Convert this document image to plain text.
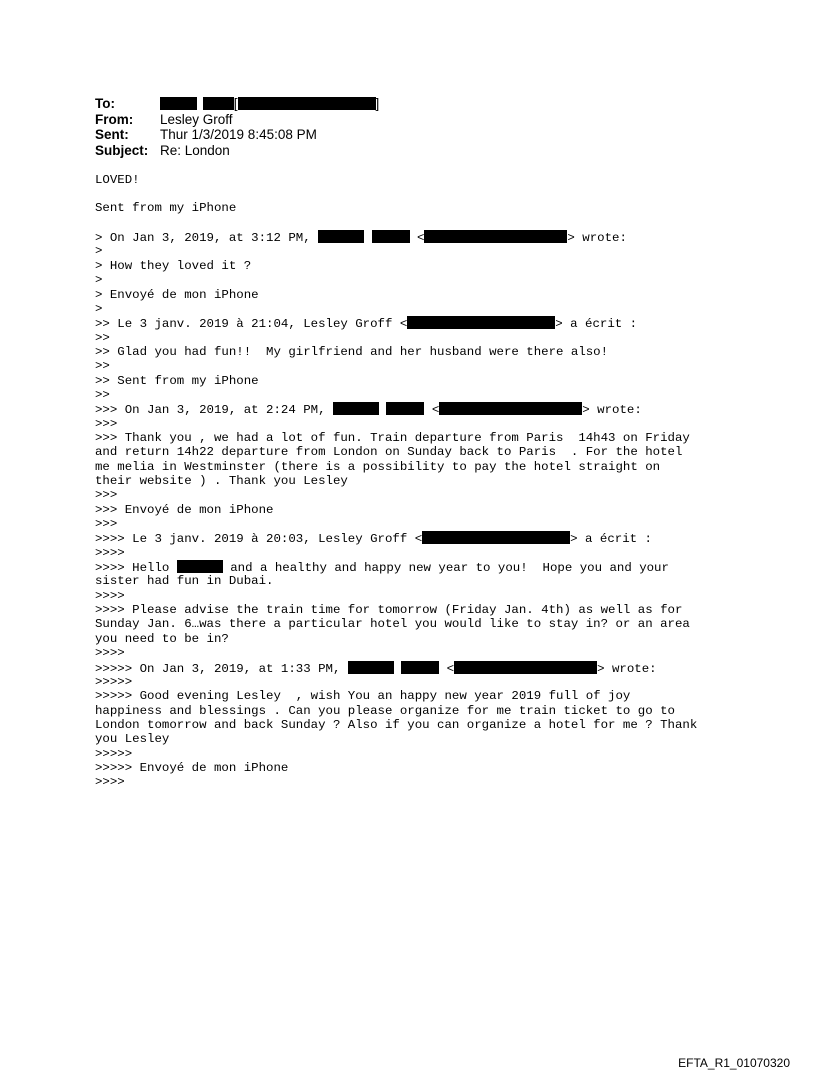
To:	[	]
From: Lesley Groff
Sent: Thur 1/3/2019 8:45:08 PM
Subject: Re: London
LOVED!
Sent from my iPhone
> On Jan 3, 2019, at 3:12 PM,	<	> wrote:
>
> How they loved it ?
>
> Envoyé de mon iPhone
>
>> Le 3 janv. 2019 à 21:04, Lesley Groff <	> a écrit :
>>
>> Glad you had fun!!  My girlfriend and her husband were there also!
>>
>> Sent from my iPhone
>>
>>> On Jan 3, 2019, at 2:24 PM,	<	> wrote:
>>>
>>> Thank you , we had a lot of fun. Train departure from Paris  14h43 on Friday
and return 14h22 departure from London on Sunday back to Paris  . For the hotel
me melia in Westminster (there is a possibility to pay the hotel straight on
their website ) . Thank you Lesley
>>>
>>> Envoyé de mon iPhone
>>>
>>>> Le 3 janv. 2019 à 20:03, Lesley Groff <	> a écrit :
>>>>
>>>> Hello	and a healthy and happy new year to you!  Hope you and your
sister had fun in Dubai.
>>>>
>>>> Please advise the train time for tomorrow (Friday Jan. 4th) as well as for
Sunday Jan. 6…was there a particular hotel you would like to stay in? or an area
you need to be in?
>>>>
>>>>> On Jan 3, 2019, at 1:33 PM,	<	> wrote:
>>>>>
>>>>> Good evening Lesley  , wish You an happy new year 2019 full of joy
happiness and blessings . Can you please organize for me train ticket to go to
London tomorrow and back Sunday ? Also if you can organize a hotel for me ? Thank
you Lesley
>>>>>
>>>>> Envoyé de mon iPhone
>>>>
EFTA_R1_01070320
